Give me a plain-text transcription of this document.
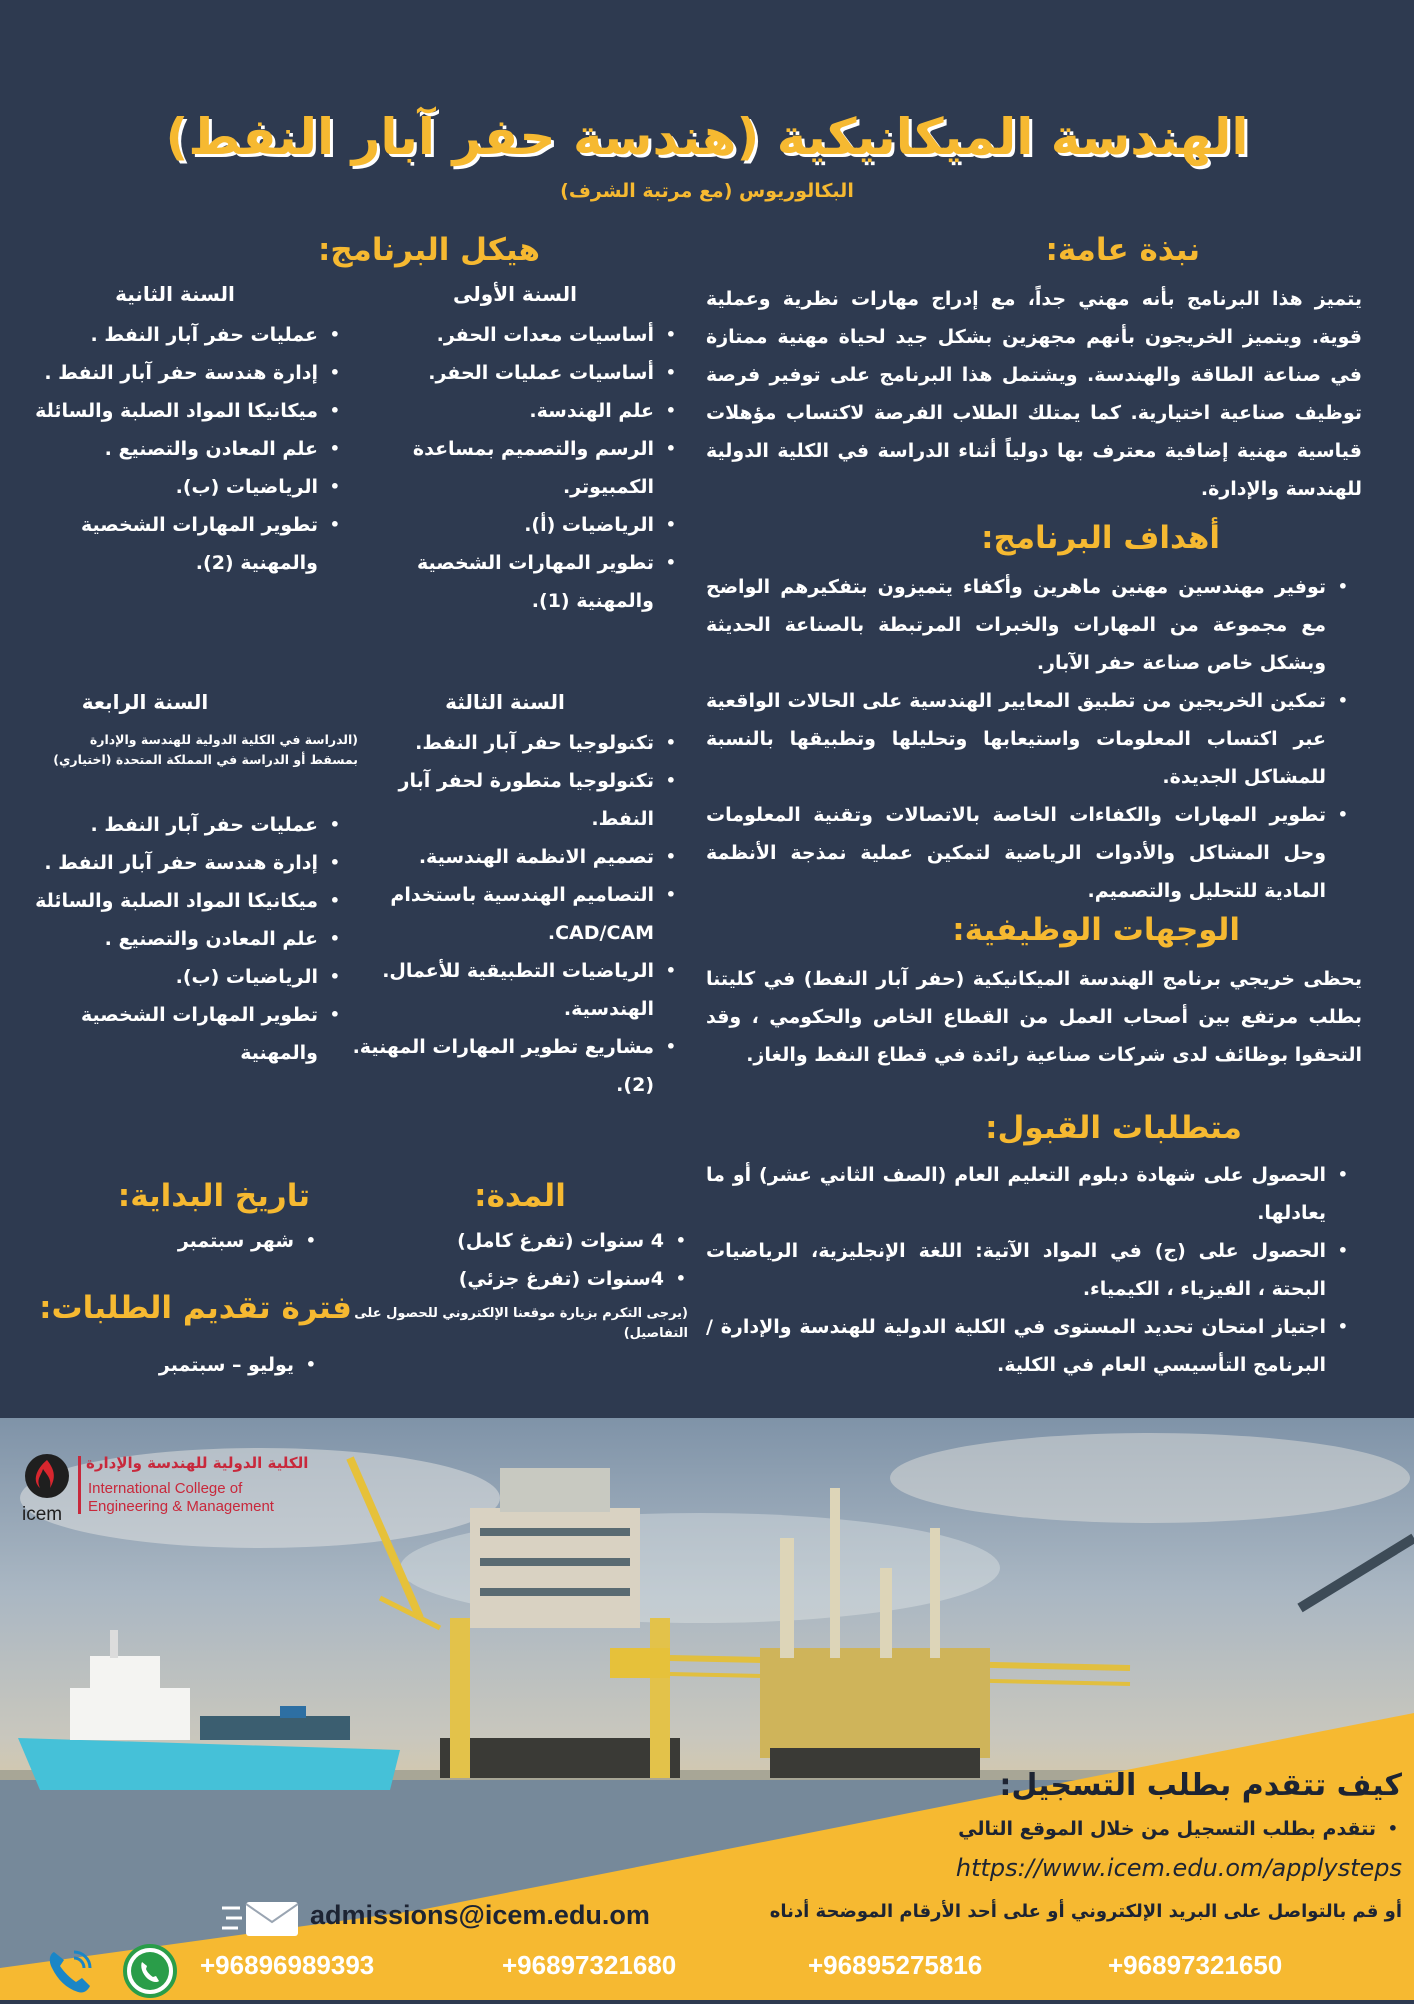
الهندسة الميكانيكية (هندسة حفر آبار النفط)
البكالوريوس (مع مرتبة الشرف)
نبذة عامة:
يتميز هذا البرنامج بأنه مهني جداً، مع إدراج مهارات نظرية وعملية قوية. ويتميز الخريجون بأنهم مجهزين بشكل جيد لحياة مهنية ممتازة في صناعة الطاقة والهندسة. ويشتمل هذا البرنامج على توفير فرصة توظيف صناعية اختيارية. كما يمتلك الطلاب الفرصة لاكتساب مؤهلات قياسية مهنية إضافية معترف بها دولياً أثناء الدراسة في الكلية الدولية للهندسة والإدارة.
أهداف البرنامج:
• توفير مهندسين مهنين ماهرين وأكفاء يتميزون بتفكيرهم الواضح مع مجموعة من المهارات والخبرات المرتبطة بالصناعة الحديثة وبشكل خاص صناعة حفر الآبار.
• تمكين الخريجين من تطبيق المعايير الهندسية على الحالات الواقعية عبر اكتساب المعلومات واستيعابها وتحليلها وتطبيقها بالنسبة للمشاكل الجديدة.
• تطوير المهارات والكفاءات الخاصة بالاتصالات وتقنية المعلومات وحل المشاكل والأدوات الرياضية لتمكين عملية نمذجة الأنظمة المادية للتحليل والتصميم.
الوجهات الوظيفية:
يحظى خريجي برنامج الهندسة الميكانيكية (حفر آبار النفط) في كليتنا بطلب مرتفع بين أصحاب العمل من القطاع الخاص والحكومي ، وقد التحقوا بوظائف لدى شركات صناعية رائدة في قطاع النفط والغاز.
متطلبات القبول:
• الحصول على شهادة دبلوم التعليم العام (الصف الثاني عشر) أو ما يعادلها.
• الحصول على (ج) في المواد الآتية: اللغة الإنجليزية، الرياضيات البحتة ، الفيزياء ، الكيمياء.
• اجتياز امتحان تحديد المستوى في الكلية الدولية للهندسة والإدارة / البرنامج التأسيسي العام في الكلية.
هيكل البرنامج:
السنة الأولى
• أساسيات معدات الحفر.
• أساسيات عمليات الحفر.
• علم الهندسة.
• الرسم والتصميم بمساعدة الكمبيوتر.
• الرياضيات (أ).
• تطوير المهارات الشخصية والمهنية (1).
السنة الثانية
• عمليات حفر آبار النفط .
• إدارة هندسة حفر آبار النفط .
• ميكانيكا المواد الصلبة والسائلة
• علم المعادن والتصنيع .
• الرياضيات (ب).
• تطوير المهارات الشخصية والمهنية (2).
السنة الثالثة
• تكنولوجيا حفر آبار النفط.
• تكنولوجيا متطورة لحفر آبار النفط.
• تصميم الانظمة الهندسية.
• التصاميم الهندسية باستخدام CAD/CAM.
• الرياضيات التطبيقية للأعمال. الهندسية.
• مشاريع تطوير المهارات المهنية.(2).
السنة الرابعة
(الدراسة في الكلية الدولية للهندسة والإدارة بمسقط أو الدراسة في المملكة المتحدة (اختياري)
• عمليات حفر آبار النفط .
• إدارة هندسة حفر آبار النفط .
• ميكانيكا المواد الصلبة والسائلة
• علم المعادن والتصنيع .
• الرياضيات (ب).
• تطوير المهارات الشخصية والمهنية
المدة:
• 4 سنوات (تفرغ كامل)
• 4سنوات (تفرغ جزئي)
(يرجى التكرم بزيارة موقعنا الإلكتروني للحصول على التفاصيل)
تاريخ البداية:
• شهر سبتمبر
فترة تقديم الطلبات:
• يوليو – سبتمبر
icem
الكلية الدولية للهندسة والإدارة
International College of
Engineering & Management
كيف تتقدم بطلب التسجيل:
• تتقدم بطلب التسجيل من خلال الموقع التالي
https://www.icem.edu.om/applysteps
أو قم بالتواصل على البريد الإلكتروني أو على أحد الأرقام الموضحة أدناه
admissions@icem.edu.om
+96896989393	+96897321680	+96895275816	+96897321650
